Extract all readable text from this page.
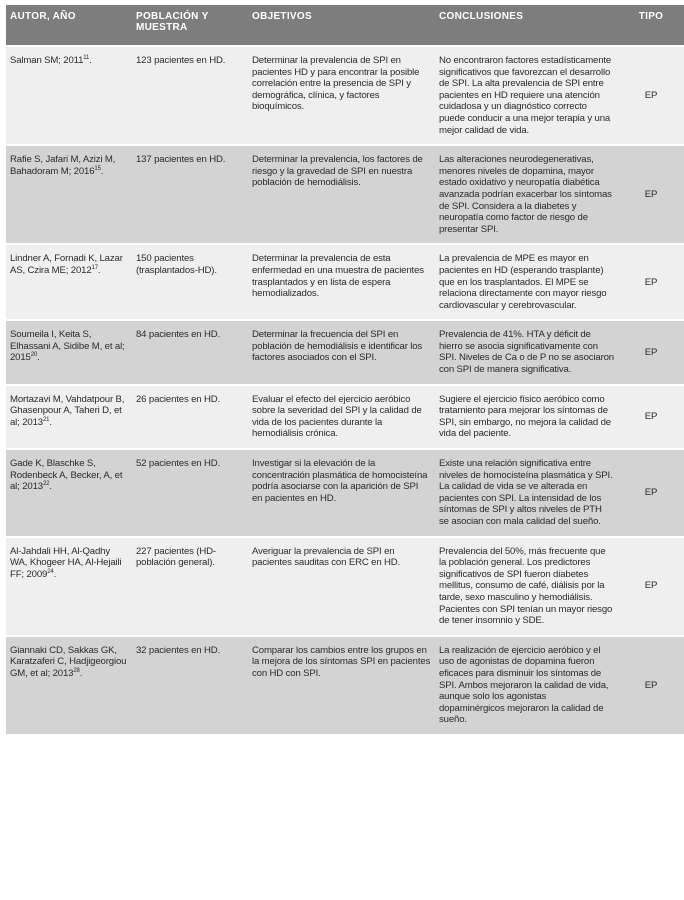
AUTOR, AÑO	POBLACIÓN Y MUESTRA	OBJETIVOS	CONCLUSIONES	TIPO
Salman SM; 2011$^{11}$.	123 pacientes en HD.	Determinar la prevalencia de SPI en pacientes HD y para encontrar la posible correlación entre la presencia de SPI y demográfica, clínica, y factores bioquímicos.	No encontraron factores estadísticamente significativos que favorezcan el desarrollo de SPI. La alta prevalencia de SPI entre pacientes en HD requiere una atención cuidadosa y un diagnóstico correcto puede conducir a una mejor terapia y una mejor calidad de vida.	EP
Rafie S, Jafari M, Azizi M, Bahadoram M; 2016$^{15}$.	137 pacientes en HD.	Determinar la prevalencia, los factores de riesgo y la gravedad de SPI en nuestra población de hemodiálisis.	Las alteraciones neurodegenerativas, menores niveles de dopamina, mayor estado oxidativo y neuropatía diabética avanzada podrían exacerbar los síntomas de SPI. Considera a la diabetes y neuropatía como factor de riesgo de presentar SPI.	EP
Lindner A, Fornadi K, Lazar AS, Czira ME; 2012$^{17}$.	150 pacientes (trasplantados-HD).	Determinar la prevalencia de esta enfermedad en una muestra de pacientes trasplantados y en lista de espera hemodializados.	La prevalencia de MPE es mayor en pacientes en HD (esperando trasplante) que en los trasplantados. El MPE se relaciona directamente con mayor riesgo cardiovascular y cerebrovascular.	EP
Soumeila I, Keita S, Elhassani A, Sidibe M, et al; 2015$^{20}$.	84 pacientes en HD.	Determinar la frecuencia del SPI en población de hemodiálisis e identificar los factores asociados con el SPI.	Prevalencia de 41%. HTA y déficit de hierro se asocia significativamente con SPI. Niveles de Ca o de P no se asociaron con SPI de manera significativa.	EP
Mortazavi M, Vahdatpour B, Ghasenpour A, Taheri D, et al; 2013$^{21}$.	26 pacientes en HD.	Evaluar el efecto del ejercicio aeróbico sobre la severidad del SPI y la calidad de vida de los pacientes durante la hemodiálisis crónica.	Sugiere el ejercicio físico aeróbico como tratamiento para mejorar los síntomas de SPI, sin embargo, no mejora la calidad de vida del paciente.	EP
Gade K, Blaschke S, Rodenbeck A, Becker, A, et al; 2013$^{22}$.	52 pacientes en HD.	Investigar si la elevación de la concentración plasmática de homocisteína podría asociarse con la aparición de SPI en pacientes en HD.	Existe una relación significativa entre niveles de homocisteína plasmática y SPI. La calidad de vida se ve alterada en pacientes con SPI. La intensidad de los síntomas de SPI y altos niveles de PTH se asocian con mala calidad del sueño.	EP
Al-Jahdali HH, Al-Qadhy WA, Khogeer HA, Al-Hejaili FF; 2009$^{24}$.	227 pacientes (HD-población general).	Averiguar la prevalencia de SPI en pacientes sauditas con ERC en HD.	Prevalencia del 50%, más frecuente que la población general. Los predictores significativos de SPI fueron diabetes mellitus, consumo de café, diálisis por la tarde, sexo masculino y hemodiálisis. Pacientes con SPI tenían un mayor riesgo de tener insomnio y SDE.	EP
Giannaki CD, Sakkas GK, Karatzaferi C, Hadjigeorgiou GM, et al; 2013$^{28}$.	32 pacientes en HD.	Comparar los cambios entre los grupos en la mejora de los síntomas SPI en pacientes con HD con SPI.	La realización de ejercicio aeróbico y el uso de agonistas de dopamina fueron eficaces para disminuir los síntomas de SPI. Ambos mejoraron la calidad de vida, aunque solo los agonistas dopaminérgicos mejoraron la calidad de sueño.	EP
